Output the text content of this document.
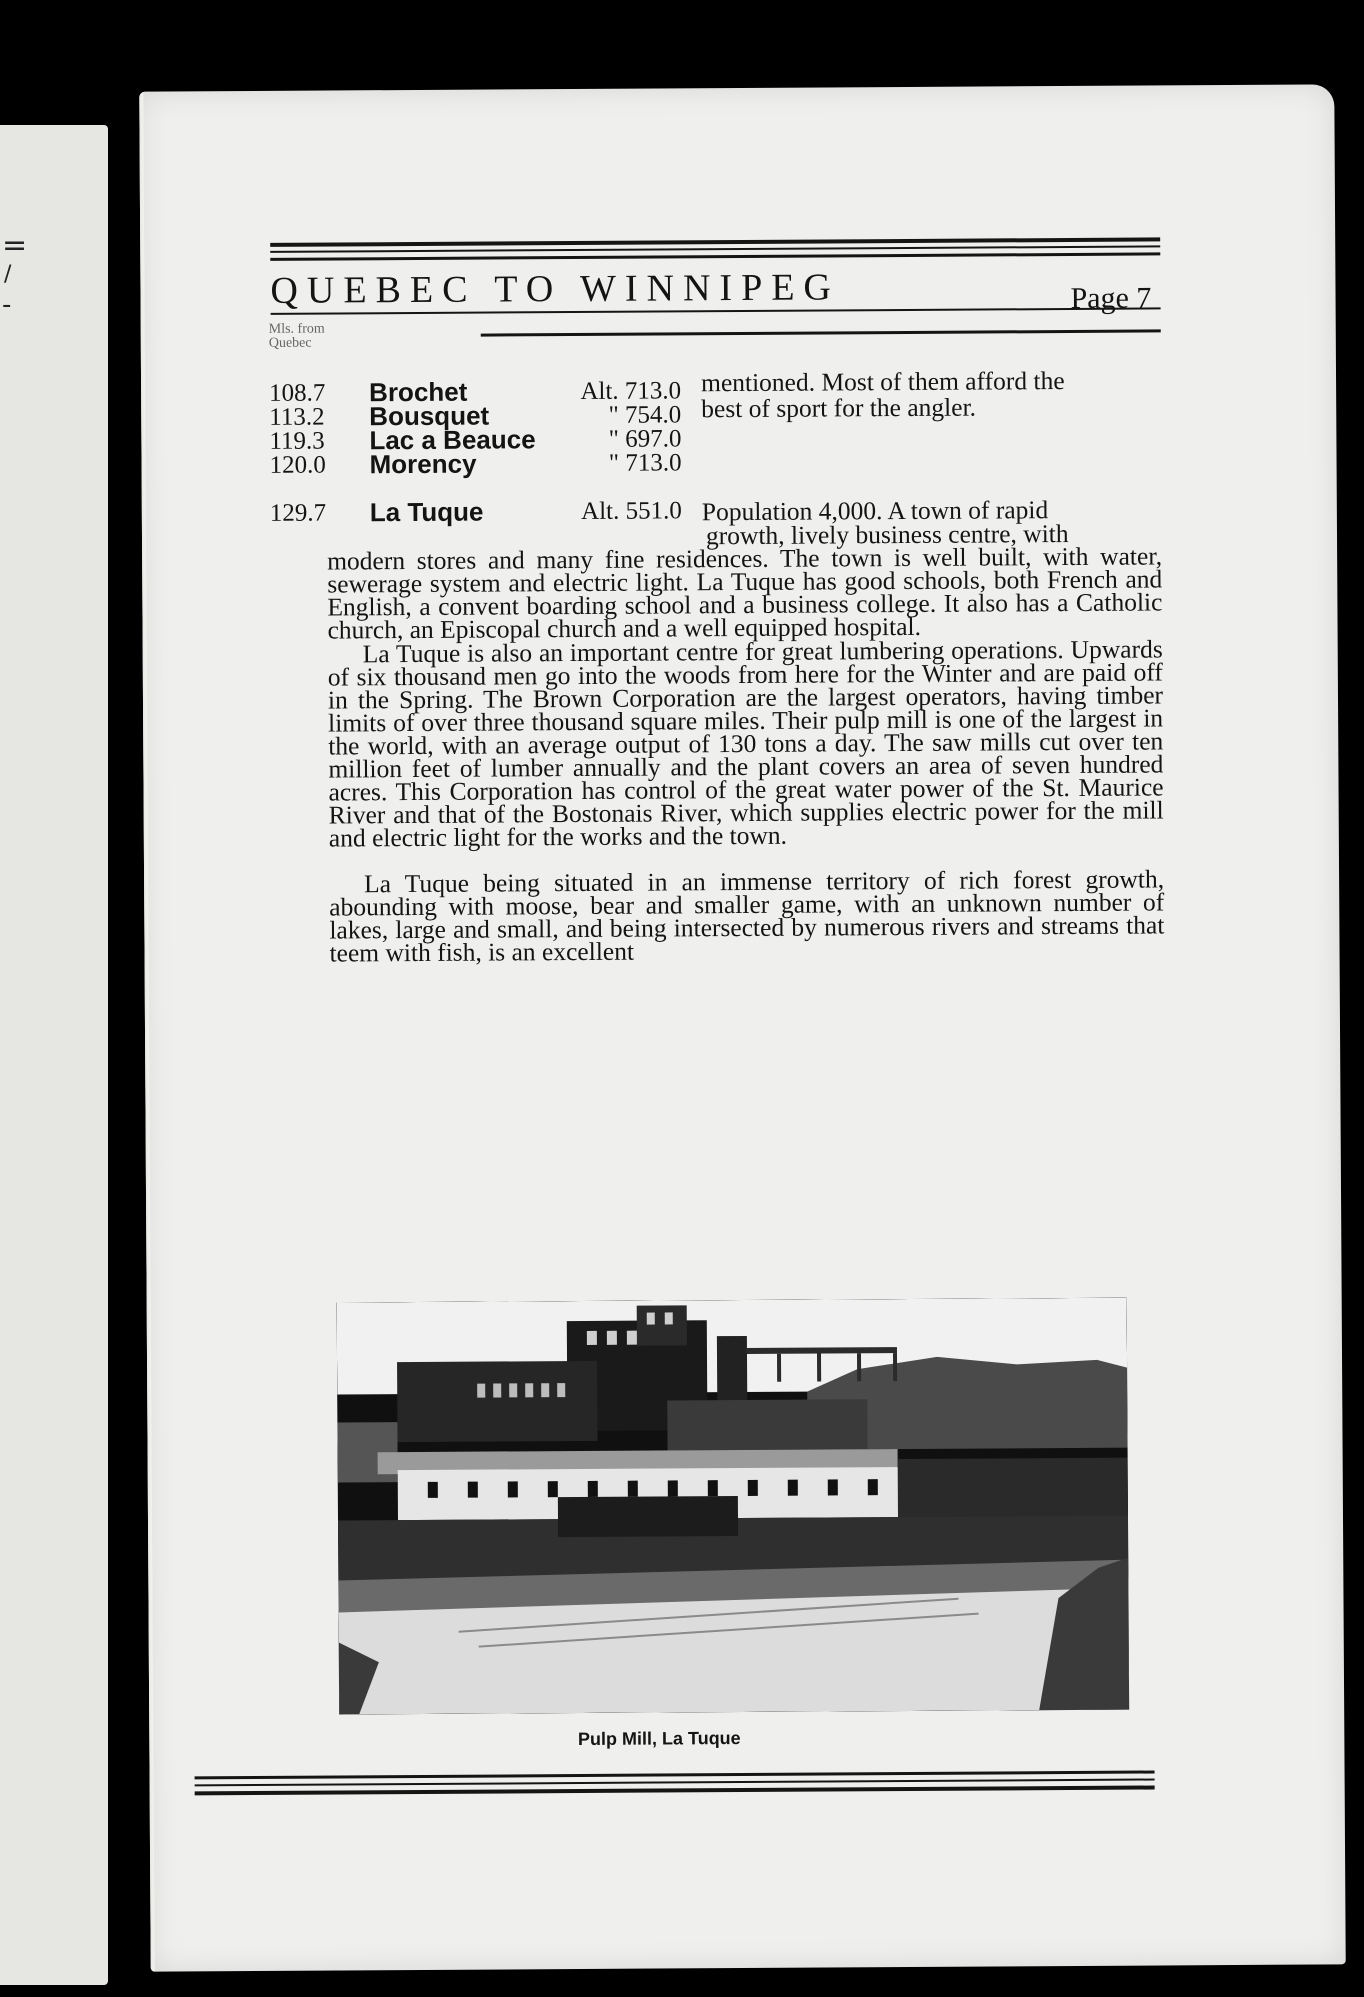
=
/
-	QUEBEC TO WINNIPEG	Page 7
Mls. from
Quebec
108.7	Brochet	Alt. 713.0
113.2	Bousquet	" 754.0
119.3	Lac a Beauce	" 697.0
120.0	Morency	" 713.0
mentioned. Most of them afford the
best of sport for the angler.
129.7	La Tuque	Alt. 551.0 Population 4,000. A town of rapid
growth, lively business centre, with
modern stores and many fine residences. The town is well built, with water, sewerage system and electric light. La Tuque has good schools, both French and English, a convent boarding school and a business college. It also has a Catholic church, an Episcopal church and a well equipped hospital.
La Tuque is also an important centre for great lumbering operations. Upwards of six thousand men go into the woods from here for the Winter and are paid off in the Spring. The Brown Corporation are the largest operators, having timber limits of over three thousand square miles. Their pulp mill is one of the largest in the world, with an average output of 130 tons a day. The saw mills cut over ten million feet of lumber annually and the plant covers an area of seven hundred acres. This Corporation has control of the great water power of the St. Maurice River and that of the Bostonais River, which supplies electric power for the mill and electric light for the works and the town.
La Tuque being situated in an immense territory of rich forest growth, abounding with moose, bear and smaller game, with an unknown number of lakes, large and small, and being intersected by numerous rivers and streams that teem with fish, is an excellent
Pulp Mill, La Tuque
